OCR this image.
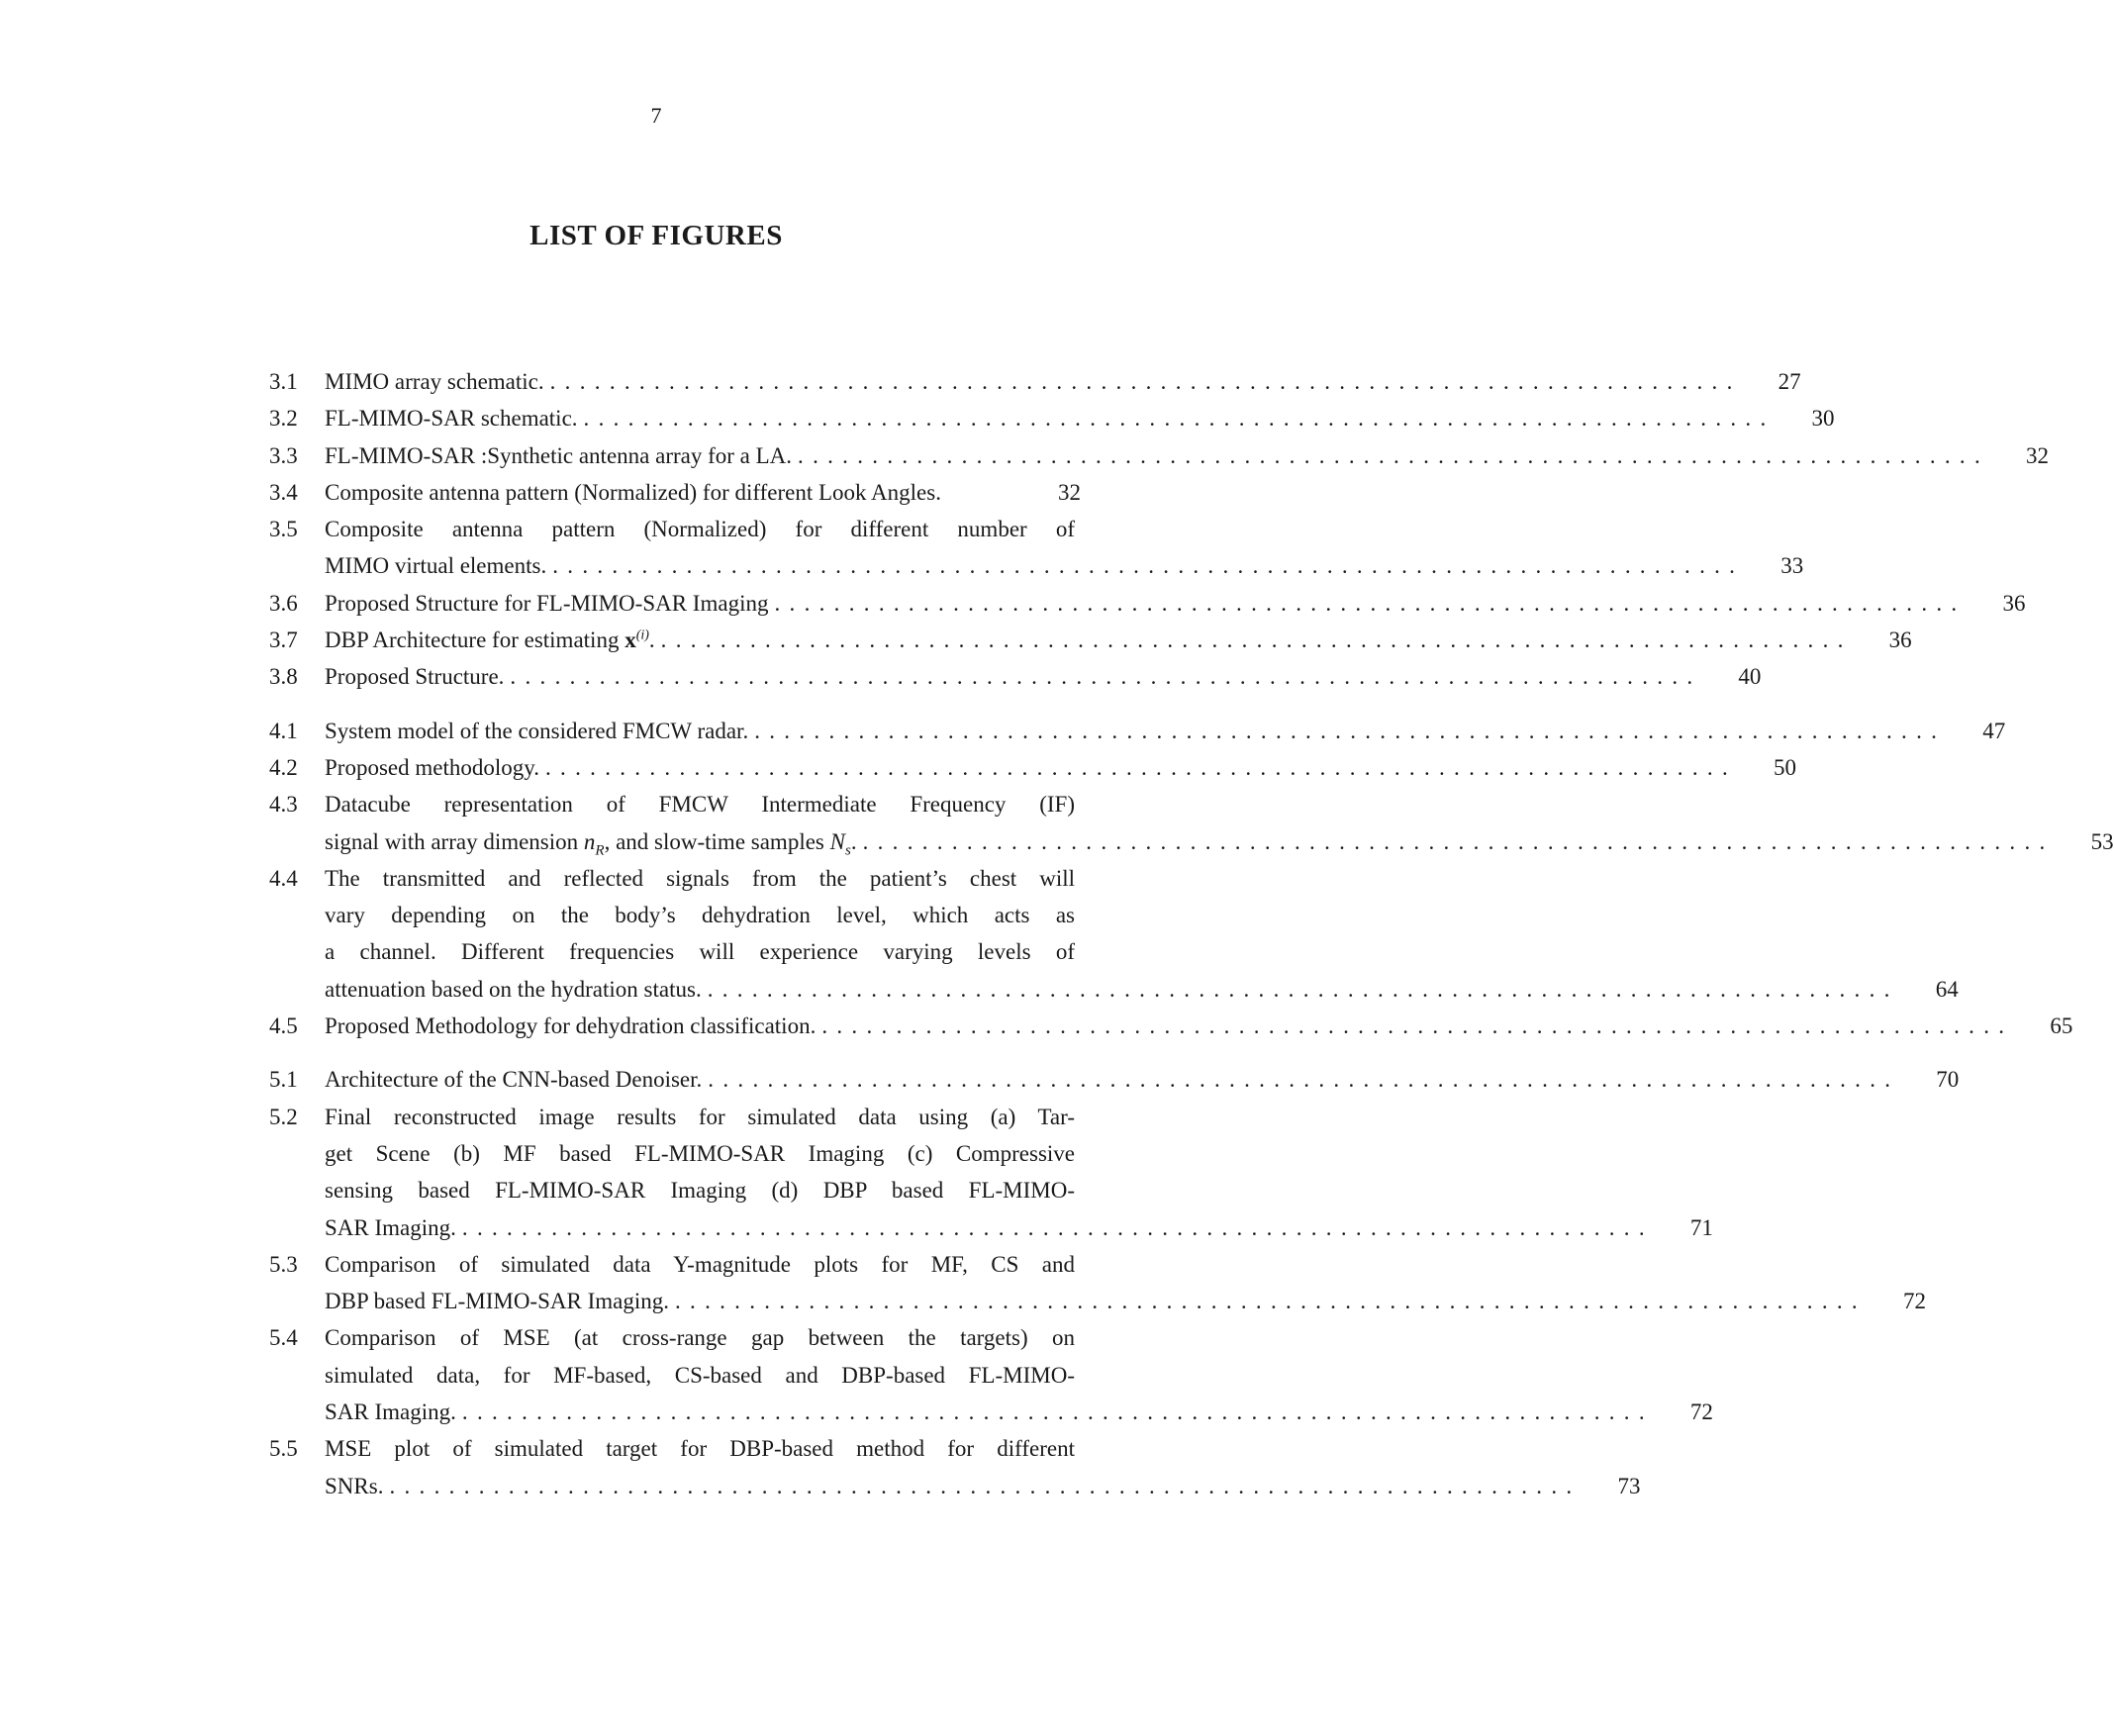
7
LIST OF FIGURES
3.1	MIMO array schematic. ................................................................................	27
3.2	FL-MIMO-SAR schematic. ................................................................................	30
3.3	FL-MIMO-SAR :Synthetic antenna array for a LA. ................................................................................	32
3.4	Composite antenna pattern (Normalized) for different Look Angles.	32
3.5	Composite antenna pattern (Normalized) for different number of
MIMO virtual elements. ................................................................................	33
3.6	Proposed Structure for FL-MIMO-SAR Imaging ................................................................................	36
3.7	DBP Architecture for estimating $x^{(i)}$. ................................................................................	36
3.8	Proposed Structure. ................................................................................	40
4.1	System model of the considered FMCW radar. ................................................................................	47
4.2	Proposed methodology. ................................................................................	50
4.3	Datacube representation of FMCW Intermediate Frequency (IF)
signal with array dimension $n_R$, and slow-time samples $N_s$. ................................................................................	53
4.4	The transmitted and reflected signals from the patient’s chest will
vary depending on the body’s dehydration level, which acts as
a channel. Different frequencies will experience varying levels of
attenuation based on the hydration status. ................................................................................	64
4.5	Proposed Methodology for dehydration classification. ................................................................................	65
5.1	Architecture of the CNN-based Denoiser. ................................................................................	70
5.2	Final reconstructed image results for simulated data using (a) Tar-
get Scene (b) MF based FL-MIMO-SAR Imaging (c) Compressive
sensing based FL-MIMO-SAR Imaging (d) DBP based FL-MIMO-
SAR Imaging. ................................................................................	71
5.3	Comparison of simulated data Y-magnitude plots for MF, CS and
DBP based FL-MIMO-SAR Imaging. ................................................................................	72
5.4	Comparison of MSE (at cross-range gap between the targets) on
simulated data, for MF-based, CS-based and DBP-based FL-MIMO-
SAR Imaging. ................................................................................	72
5.5	MSE plot of simulated target for DBP-based method for different
SNRs. ................................................................................	73
